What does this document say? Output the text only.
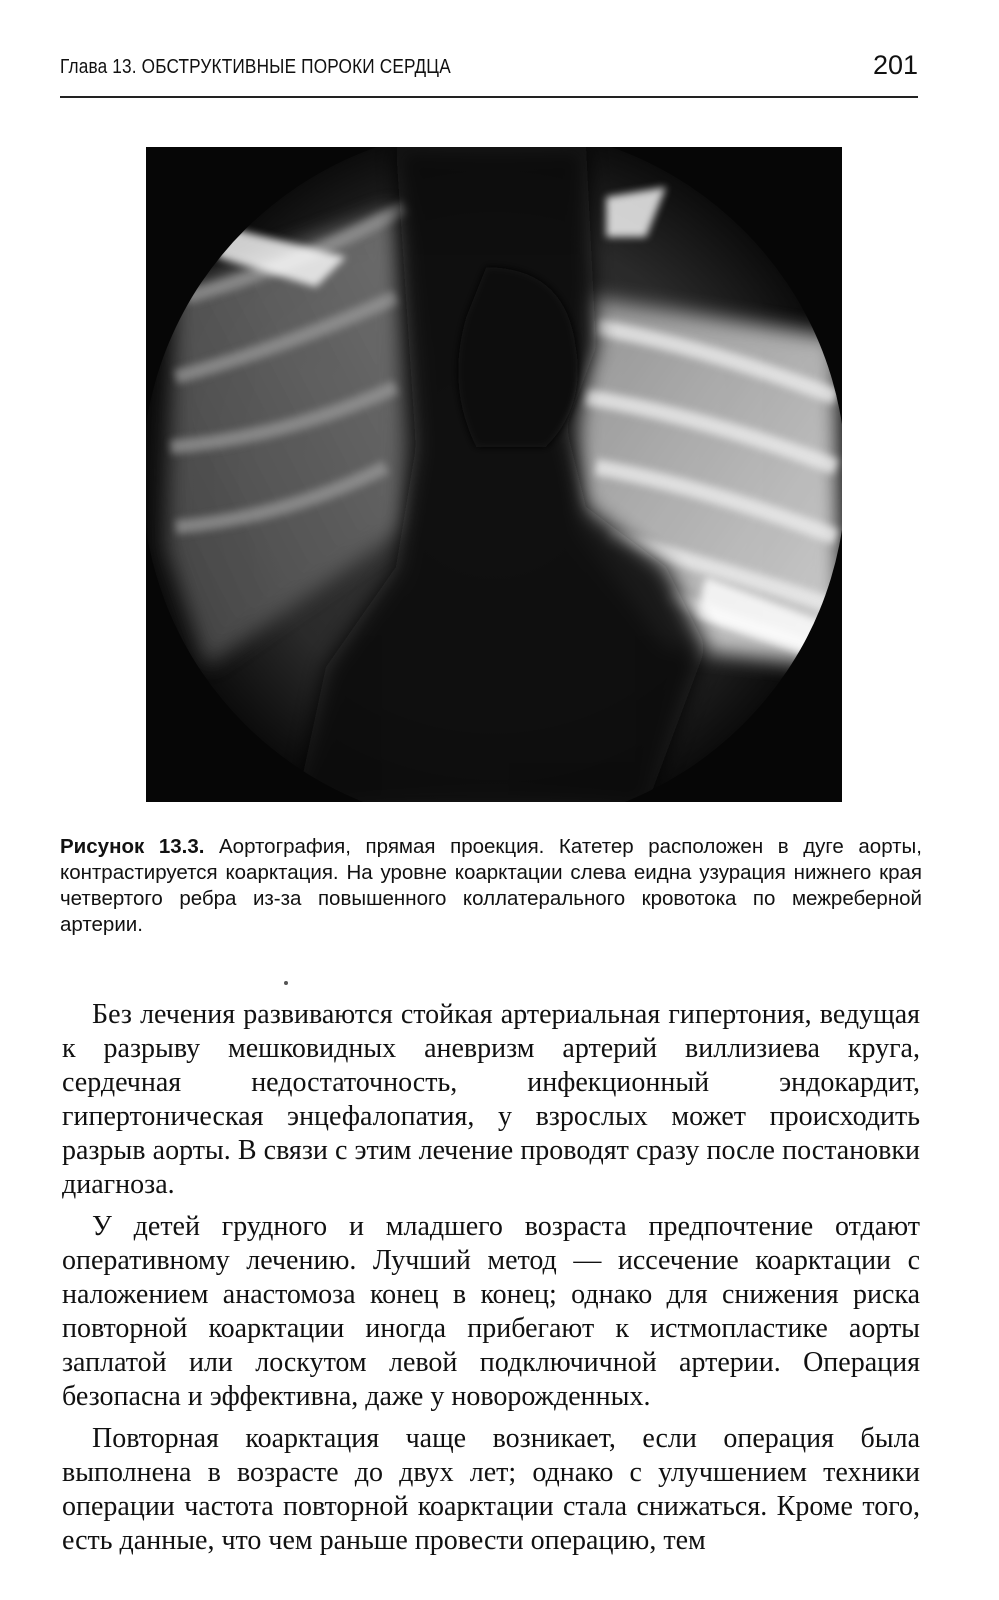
Глава 13. ОБСТРУКТИВНЫЕ ПОРОКИ СЕРДЦА	201
Рисунок 13.3. Аортография, прямая проекция. Катетер расположен в дуге аорты, контрастируется коарктация. На уровне коарктации слева еидна узурация нижнего края четвертого ребра из-за повышенного коллатерального кровотока по межреберной артерии.

Без лечения развиваются стойкая артериальная гипертония, ведущая к разрыву мешковидных аневризм артерий виллизиева круга, сердечная недостаточность, инфекционный эндокардит, гипертоническая энцефалопатия, у взрослых может происходить разрыв аорты. В связи с этим лечение проводят сразу после постановки диагноза.

У детей грудного и младшего возраста предпочтение отдают оперативному лечению. Лучший метод — иссечение коарктации с наложением анастомоза конец в конец; однако для снижения риска повторной коарктации иногда прибегают к истмопластике аорты заплатой или лоскутом левой подключичной артерии. Операция безопасна и эффективна, даже у новорожденных.

Повторная коарктация чаще возникает, если операция была выполнена в возрасте до двух лет; однако с улучшением техники операции частота повторной коарктации стала снижаться. Кроме того, есть данные, что чем раньше провести операцию, тем
